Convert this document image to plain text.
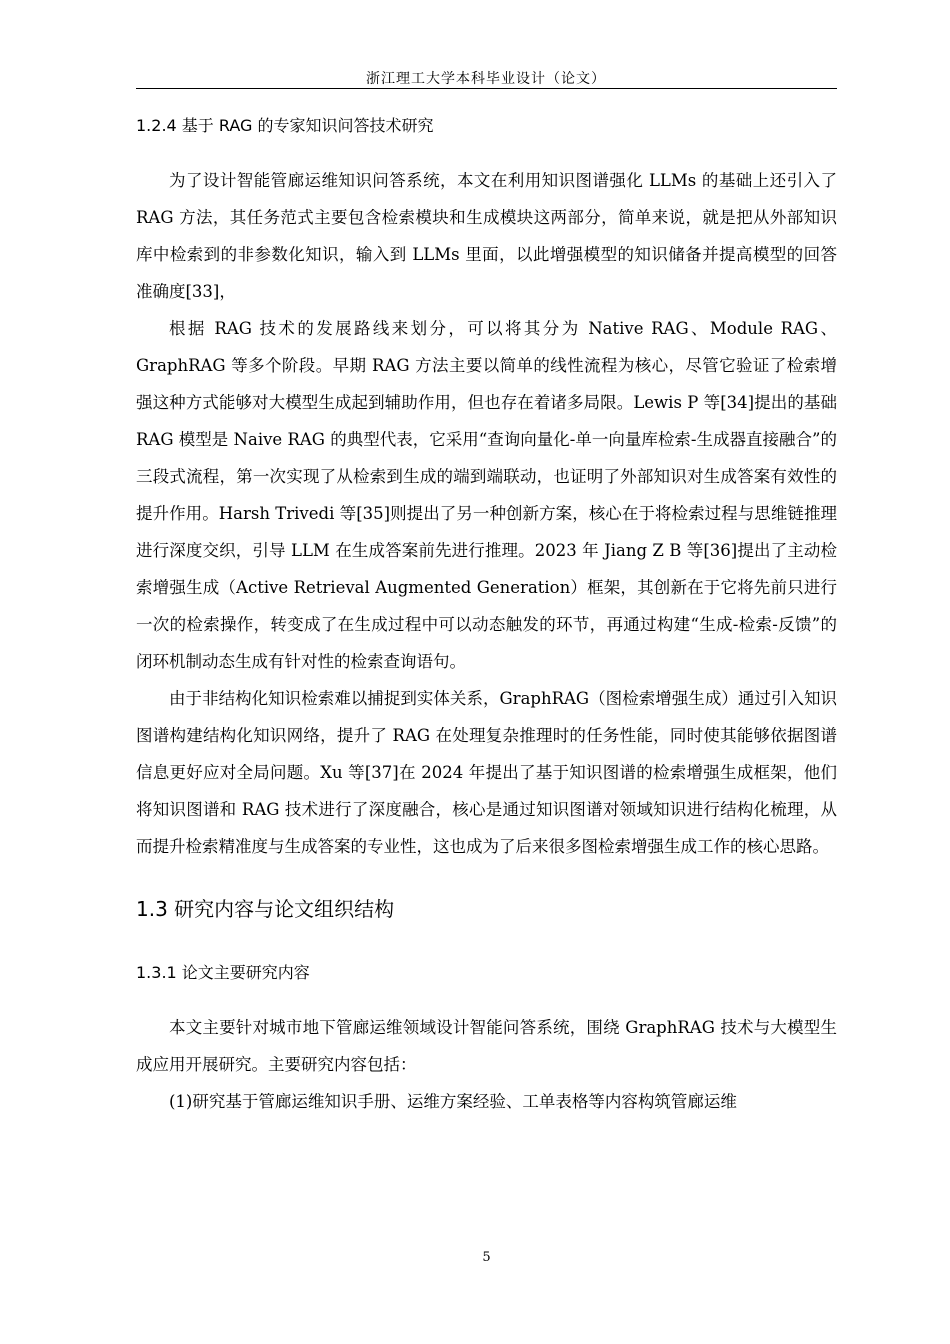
浙江理工大学本科毕业设计（论文）
1.2.4 基于 RAG 的专家知识问答技术研究

为了设计智能管廊运维知识问答系统，本文在利用知识图谱强化 LLMs 的基础上还引入了 RAG 方法，其任务范式主要包含检索模块和生成模块这两部分，简单来说，就是把从外部知识库中检索到的非参数化知识，输入到 LLMs 里面，以此增强模型的知识储备并提高模型的回答准确度[33]，

根据 RAG 技术的发展路线来划分，可以将其分为 Native RAG、Module RAG、GraphRAG 等多个阶段。早期 RAG 方法主要以简单的线性流程为核心，尽管它验证了检索增强这种方式能够对大模型生成起到辅助作用，但也存在着诸多局限。Lewis P 等[34]提出的基础 RAG 模型是 Naive RAG 的典型代表，它采用“查询向量化-单一向量库检索-生成器直接融合”的三段式流程，第一次实现了从检索到生成的端到端联动，也证明了外部知识对生成答案有效性的提升作用。Harsh Trivedi 等[35]则提出了另一种创新方案，核心在于将检索过程与思维链推理进行深度交织，引导 LLM 在生成答案前先进行推理。2023 年 Jiang Z B 等[36]提出了主动检索增强生成（Active Retrieval Augmented Generation）框架，其创新在于它将先前只进行一次的检索操作，转变成了在生成过程中可以动态触发的环节，再通过构建“生成-检索-反馈”的闭环机制动态生成有针对性的检索查询语句。

由于非结构化知识检索难以捕捉到实体关系，GraphRAG（图检索增强生成）通过引入知识图谱构建结构化知识网络，提升了 RAG 在处理复杂推理时的任务性能，同时使其能够依据图谱信息更好应对全局问题。Xu 等[37]在 2024 年提出了基于知识图谱的检索增强生成框架，他们将知识图谱和 RAG 技术进行了深度融合，核心是通过知识图谱对领域知识进行结构化梳理，从而提升检索精准度与生成答案的专业性，这也成为了后来很多图检索增强生成工作的核心思路。

1.3 研究内容与论文组织结构
1.3.1 论文主要研究内容

本文主要针对城市地下管廊运维领域设计智能问答系统，围绕 GraphRAG 技术与大模型生成应用开展研究。主要研究内容包括：

(1)研究基于管廊运维知识手册、运维方案经验、工单表格等内容构筑管廊运维

5
